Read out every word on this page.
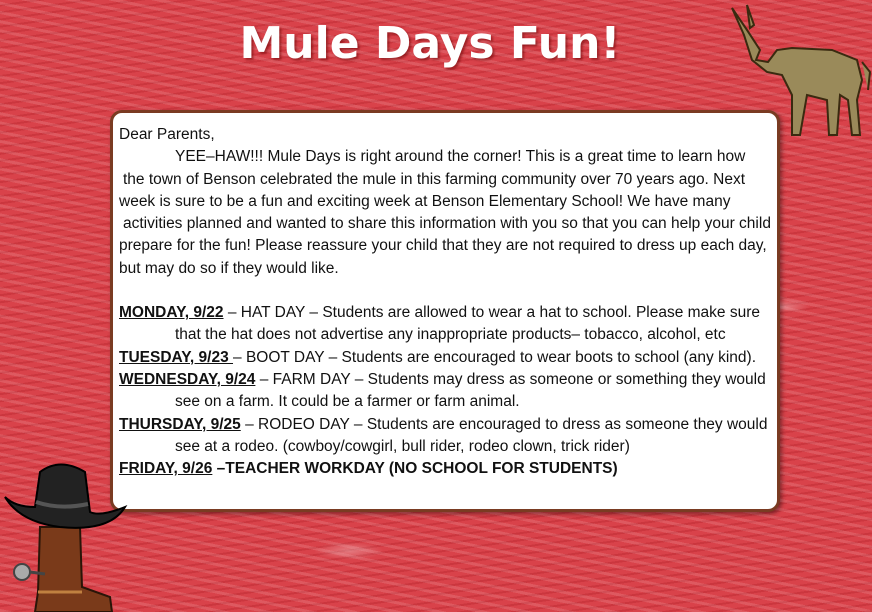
Mule Days Fun!
Dear Parents,
YEE–HAW!!! Mule Days is right around the corner! This is a great time to learn how
the town of Benson celebrated the mule in this farming community over 70 years ago. Next
week is sure to be a fun and exciting week at Benson Elementary School! We have many
activities planned and wanted to share this information with you so that you can help your child
prepare for the fun! Please reassure your child that they are not required to dress up each day,
but may do so if they would like.
MONDAY, 9/22 – HAT DAY – Students are allowed to wear a hat to school. Please make sure
that the hat does not advertise any inappropriate products– tobacco, alcohol, etc
TUESDAY, 9/23 – BOOT DAY – Students are encouraged to wear boots to school (any kind).
WEDNESDAY, 9/24 – FARM DAY – Students may dress as someone or something they would
see on a farm. It could be a farmer or farm animal.
THURSDAY, 9/25 – RODEO DAY – Students are encouraged to dress as someone they would
see at a rodeo. (cowboy/cowgirl, bull rider, rodeo clown, trick rider)
FRIDAY, 9/26 –TEACHER WORKDAY (NO SCHOOL FOR STUDENTS)
